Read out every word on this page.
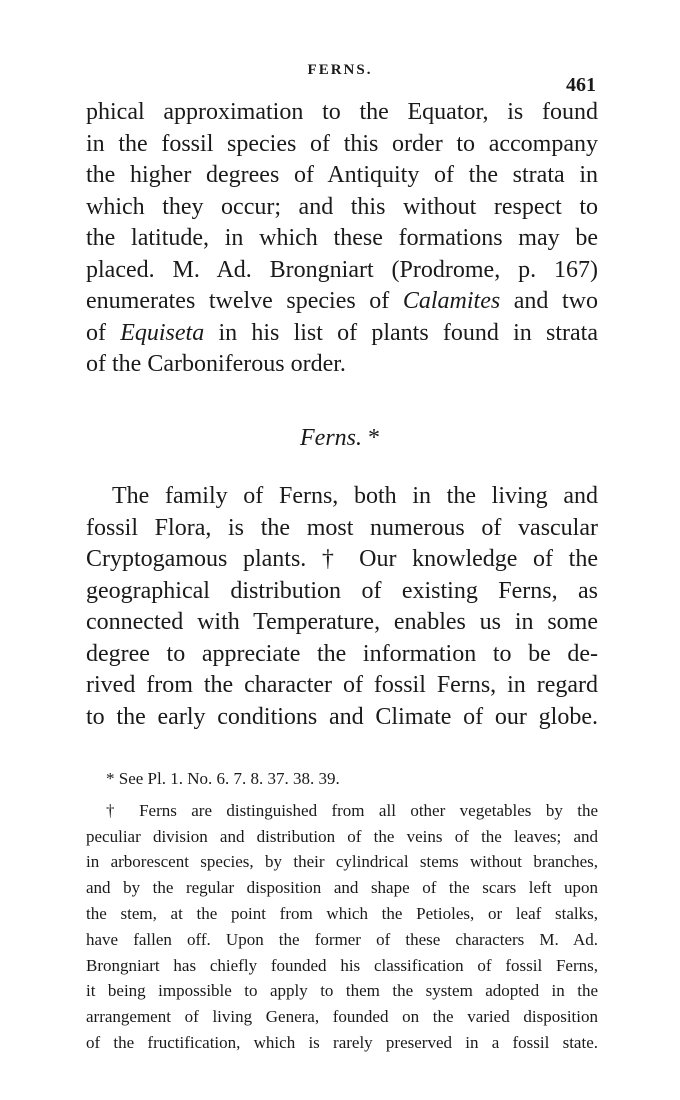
FERNS.
461
phical approximation to the Equator, is found
in the fossil species of this order to accompany
the higher degrees of Antiquity of the strata in
which they occur; and this without respect to
the latitude, in which these formations may be
placed. M. Ad. Brongniart (Prodrome, p. 167)
enumerates twelve species of Calamites and two
of Equiseta in his list of plants found in strata
of the Carboniferous order.
Ferns. *
The family of Ferns, both in the living and
fossil Flora, is the most numerous of vascular
Cryptogamous plants. † Our knowledge of the
geographical distribution of existing Ferns, as
connected with Temperature, enables us in some
degree to appreciate the information to be de-
rived from the character of fossil Ferns, in regard
to the early conditions and Climate of our globe.
* See Pl. 1. No. 6. 7. 8. 37. 38. 39.
† Ferns are distinguished from all other vegetables by the
peculiar division and distribution of the veins of the leaves; and
in arborescent species, by their cylindrical stems without branches,
and by the regular disposition and shape of the scars left upon
the stem, at the point from which the Petioles, or leaf stalks,
have fallen off. Upon the former of these characters M. Ad.
Brongniart has chiefly founded his classification of fossil Ferns,
it being impossible to apply to them the system adopted in the
arrangement of living Genera, founded on the varied disposition
of the fructification, which is rarely preserved in a fossil state.
